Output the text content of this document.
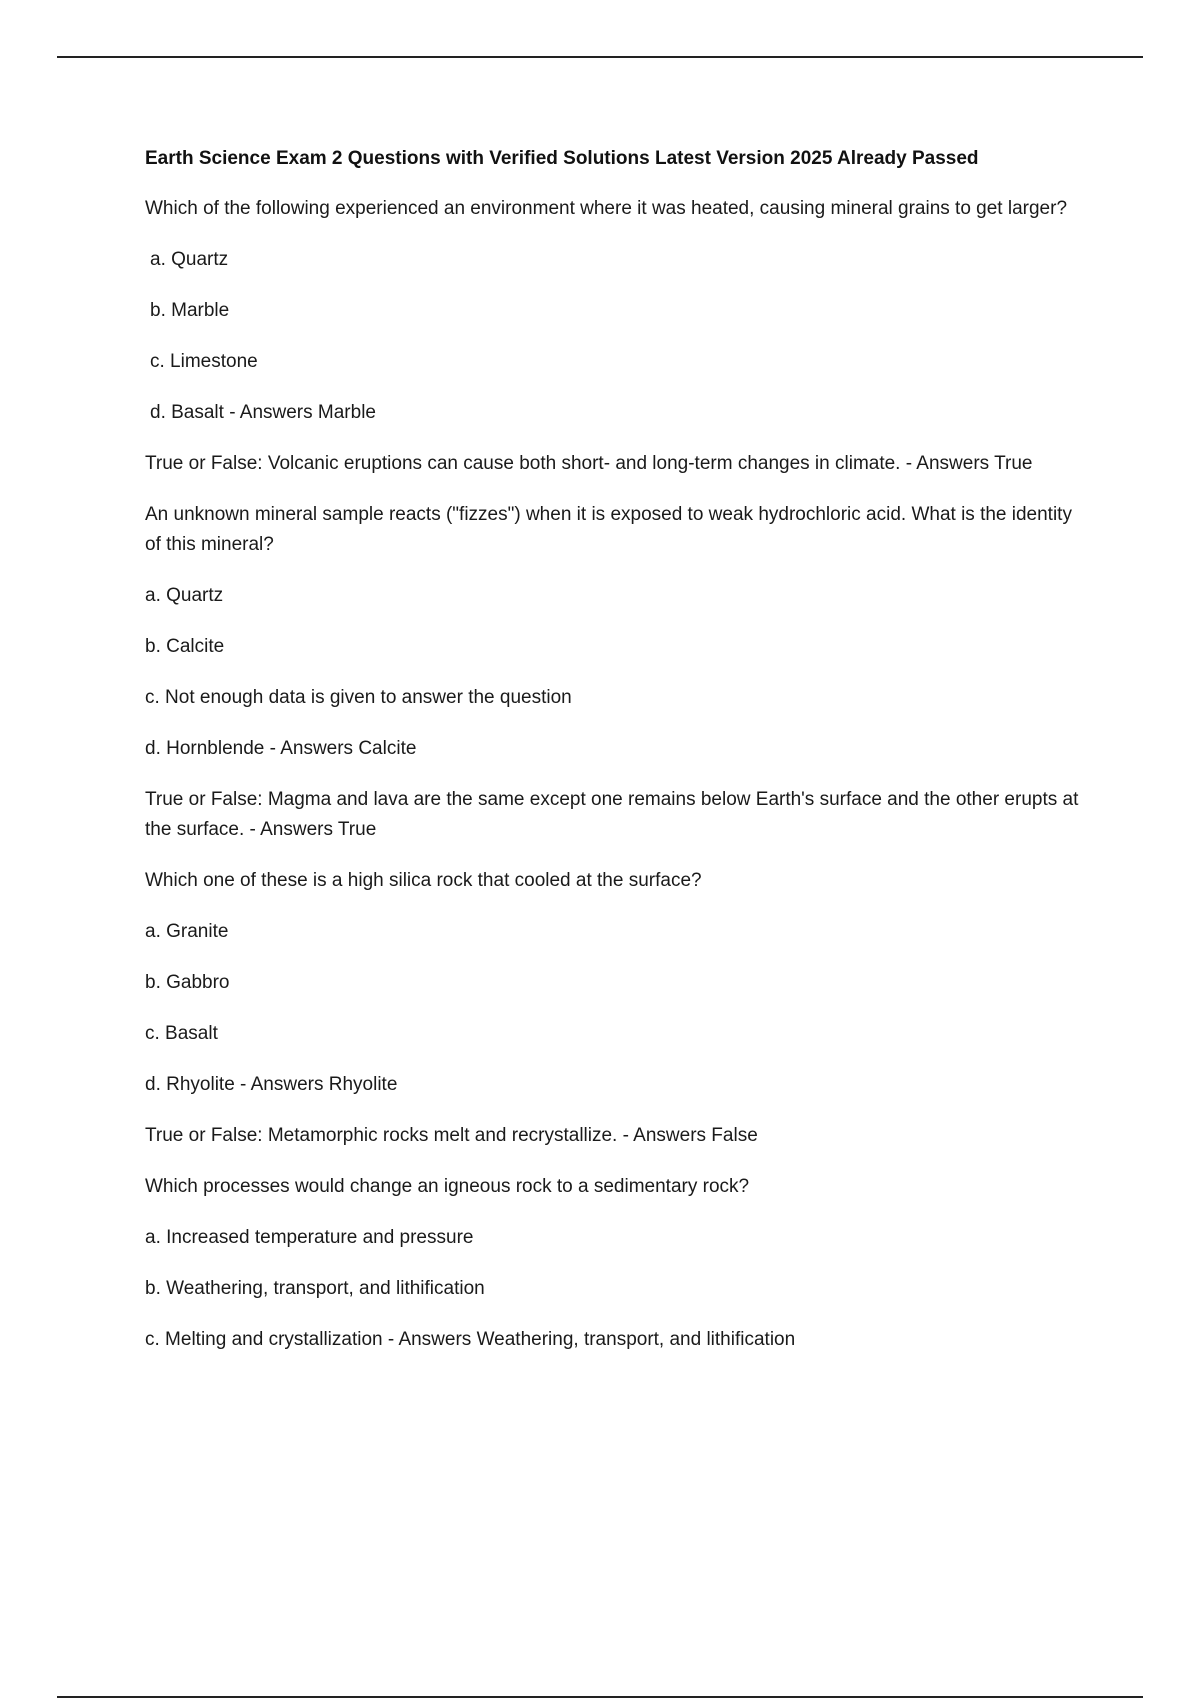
Earth Science Exam 2 Questions with Verified Solutions Latest Version 2025 Already Passed
Which of the following experienced an environment where it was heated, causing mineral grains to get larger?
a. Quartz
b. Marble
c. Limestone
d. Basalt - Answers Marble
True or False: Volcanic eruptions can cause both short- and long-term changes in climate. - Answers True
An unknown mineral sample reacts ("fizzes") when it is exposed to weak hydrochloric acid. What is the identity of this mineral?
a. Quartz
b. Calcite
c. Not enough data is given to answer the question
d. Hornblende - Answers Calcite
True or False: Magma and lava are the same except one remains below Earth's surface and the other erupts at the surface. - Answers True
Which one of these is a high silica rock that cooled at the surface?
a. Granite
b. Gabbro
c. Basalt
d. Rhyolite - Answers Rhyolite
True or False: Metamorphic rocks melt and recrystallize. - Answers False
Which processes would change an igneous rock to a sedimentary rock?
a. Increased temperature and pressure
b. Weathering, transport, and lithification
c. Melting and crystallization - Answers Weathering, transport, and lithification
